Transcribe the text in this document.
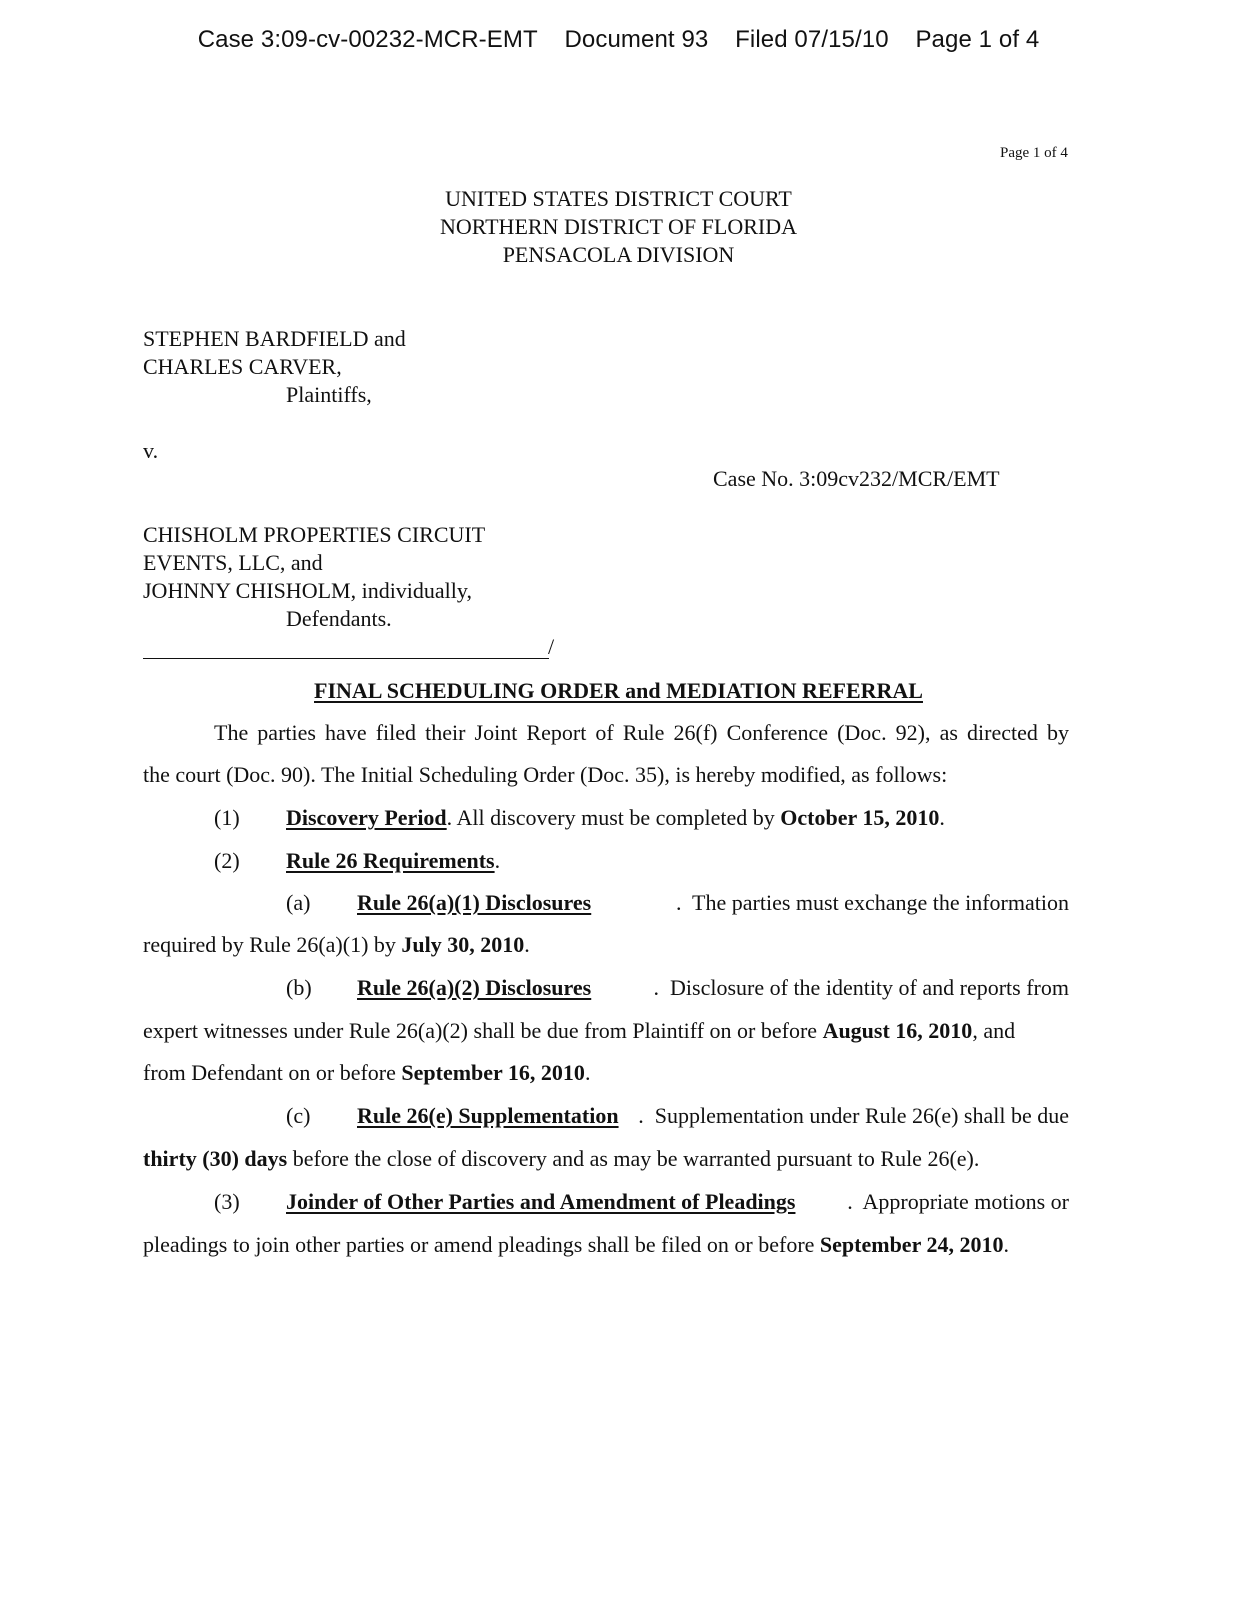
Case 3:09-cv-00232-MCR-EMT Document 93 Filed 07/15/10 Page 1 of 4
Page 1 of 4
UNITED STATES DISTRICT COURT
NORTHERN DISTRICT OF FLORIDA
PENSACOLA DIVISION
STEPHEN BARDFIELD and
CHARLES CARVER,
Plaintiffs,
v.
Case No. 3:09cv232/MCR/EMT
CHISHOLM PROPERTIES CIRCUIT
EVENTS, LLC, and
JOHNNY CHISHOLM, individually,
Defendants.
/
FINAL SCHEDULING ORDER and MEDIATION REFERRAL
The parties have filed their Joint Report of Rule 26(f) Conference (Doc. 92), as directed by
the court (Doc. 90). The Initial Scheduling Order (Doc. 35), is hereby modified, as follows:
(1) Discovery Period. All discovery must be completed by October 15, 2010.
(2) Rule 26 Requirements.
(a) Rule 26(a)(1) Disclosures	.  The parties must exchange the information
required by Rule 26(a)(1) by July 30, 2010.
(b) Rule 26(a)(2) Disclosures	.  Disclosure of the identity of and reports from
expert witnesses under Rule 26(a)(2) shall be due from Plaintiff on or before August 16, 2010, and
from Defendant on or before September 16, 2010.
(c) Rule 26(e) Supplementation .  Supplementation under Rule 26(e) shall be due
thirty (30) days before the close of discovery and as may be warranted pursuant to Rule 26(e).
(3) Joinder of Other Parties and Amendment of Pleadings .  Appropriate motions or
pleadings to join other parties or amend pleadings shall be filed on or before September 24, 2010.
